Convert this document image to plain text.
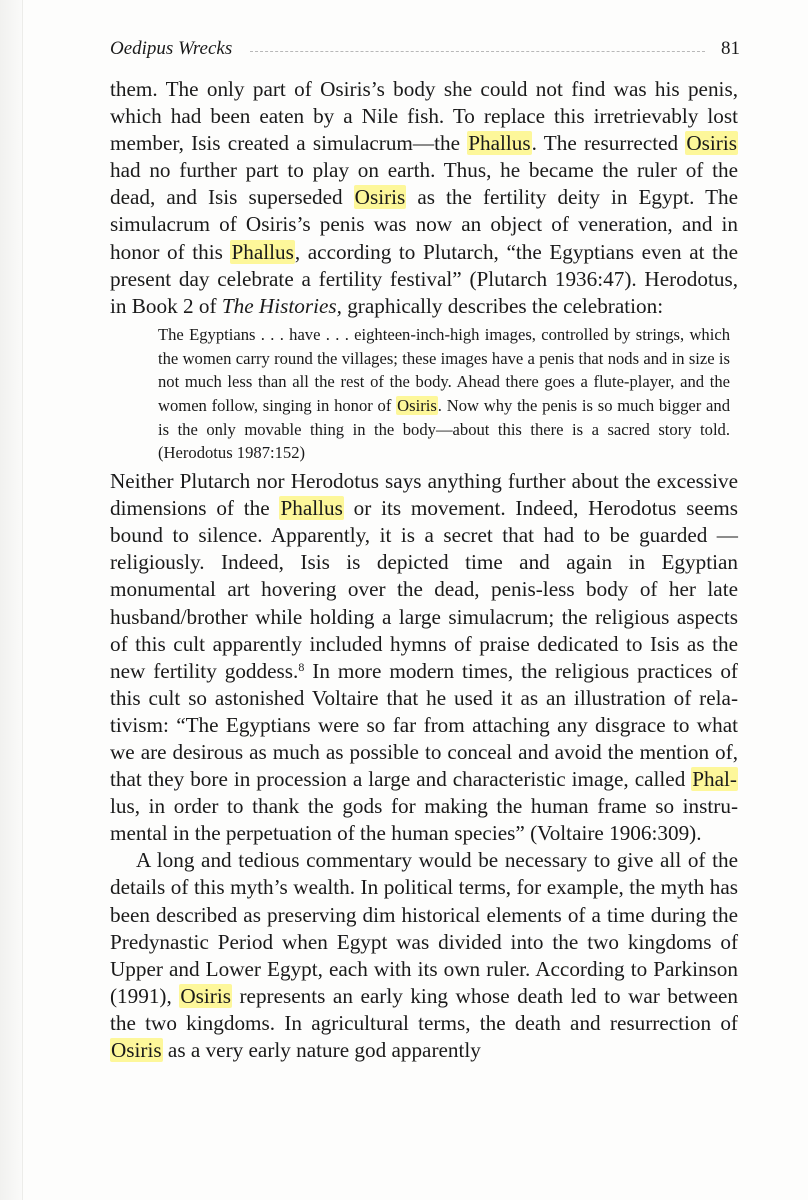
Oedipus Wrecks	81

them. The only part of Osiris’s body she could not find was his penis, which had been eaten by a Nile fish. To replace this irretrievably lost member, Isis created a simulacrum—the Phallus. The resurrected Osiris had no further part to play on earth. Thus, he became the ruler of the dead, and Isis superseded Osiris as the fertility deity in Egypt. The simulacrum of Osiris’s penis was now an object of veneration, and in honor of this Phallus, according to Plutarch, “the Egyptians even at the present day celebrate a fertility festival” (Plutarch 1936:47). Herodotus, in Book 2 of The Histories, graphically describes the celebration:

The Egyptians . . . have . . . eighteen-inch-high images, controlled by strings, which the women carry round the villages; these images have a penis that nods and in size is not much less than all the rest of the body. Ahead there goes a flute-player, and the women follow, singing in honor of Osiris. Now why the penis is so much bigger and is the only movable thing in the body—about this there is a sacred story told. (Herodotus 1987:152)

Neither Plutarch nor Herodotus says anything further about the excessive dimensions of the Phallus or its movement. Indeed, Herodotus seems bound to silence. Apparently, it is a secret that had to be guarded —religiously. Indeed, Isis is depicted time and again in Egyptian monumental art hovering over the dead, penis-less body of her late husband/brother while holding a large simulacrum; the religious aspects of this cult apparently included hymns of praise dedicated to Isis as the new fertility goddess.$^8$ In more modern times, the religious practices of this cult so astonished Voltaire that he used it as an illustration of relativism: “The Egyptians were so far from attaching any disgrace to what we are desirous as much as possible to conceal and avoid the mention of, that they bore in procession a large and characteristic image, called Phal-lus, in order to thank the gods for making the human frame so instrumental in the perpetuation of the human species” (Voltaire 1906:309).

A long and tedious commentary would be necessary to give all of the details of this myth’s wealth. In political terms, for example, the myth has been described as preserving dim historical elements of a time during the Predynastic Period when Egypt was divided into the two kingdoms of Upper and Lower Egypt, each with its own ruler. According to Parkinson (1991), Osiris represents an early king whose death led to war between the two kingdoms. In agricultural terms, the death and resurrection of Osiris as a very early nature god apparently
